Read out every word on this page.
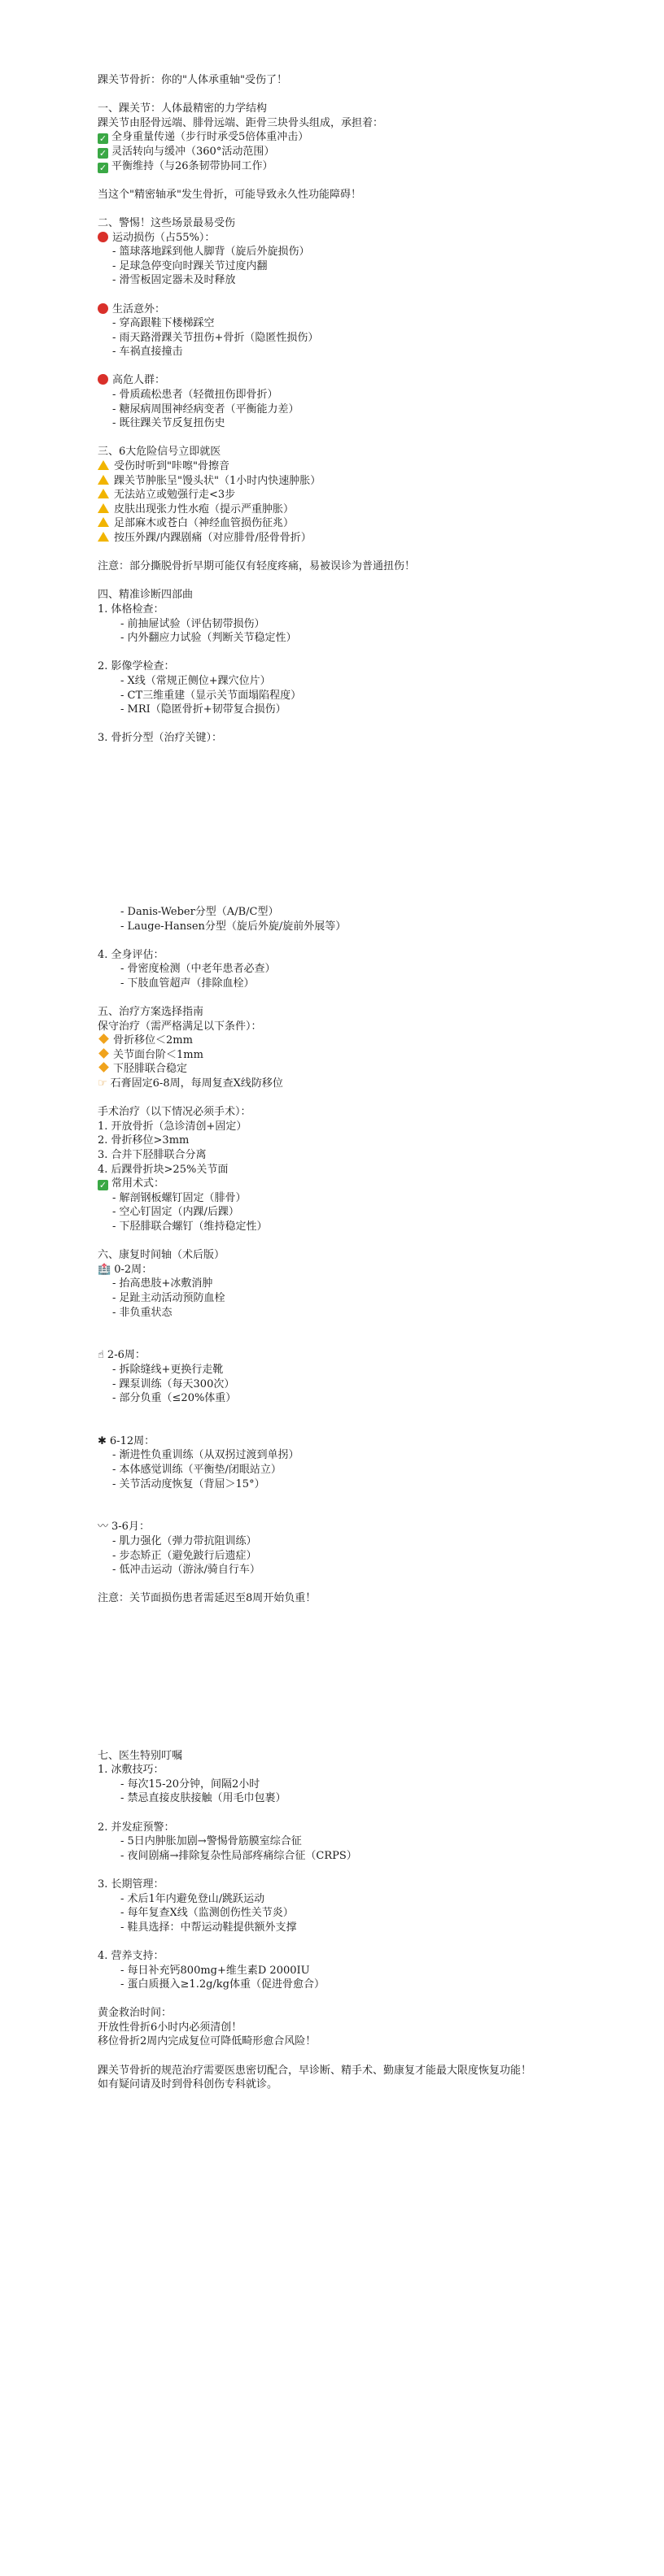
踝关节骨折：你的"人体承重轴"受伤了！
一、踝关节：人体最精密的力学结构
踝关节由胫骨远端、腓骨远端、距骨三块骨头组成，承担着：
✓ 全身重量传递（步行时承受5倍体重冲击）
✓ 灵活转向与缓冲（360°活动范围）
✓ 平衡维持（与26条韧带协同工作）
当这个"精密轴承"发生骨折，可能导致永久性功能障碍！
二、警惕！这些场景最易受伤
运动损伤（占55%）：
- 篮球落地踩到他人脚背（旋后外旋损伤）
- 足球急停变向时踝关节过度内翻
- 滑雪板固定器未及时释放
生活意外：
- 穿高跟鞋下楼梯踩空
- 雨天路滑踝关节扭伤+骨折（隐匿性损伤）
- 车祸直接撞击
高危人群：
- 骨质疏松患者（轻微扭伤即骨折）
- 糖尿病周围神经病变者（平衡能力差）
- 既往踝关节反复扭伤史
三、6大危险信号立即就医
受伤时听到"咔嚓"骨擦音
踝关节肿胀呈"馒头状"（1小时内快速肿胀）
无法站立或勉强行走<3步
皮肤出现张力性水疱（提示严重肿胀）
足部麻木或苍白（神经血管损伤征兆）
按压外踝/内踝剧痛（对应腓骨/胫骨骨折）
注意：部分撕脱骨折早期可能仅有轻度疼痛，易被误诊为普通扭伤！
四、精准诊断四部曲
1. 体格检查：
- 前抽屉试验（评估韧带损伤）
- 内外翻应力试验（判断关节稳定性）
2. 影像学检查：
- X线（常规正侧位+踝穴位片）
- CT三维重建（显示关节面塌陷程度）
- MRI（隐匿骨折+韧带复合损伤）
3. 骨折分型（治疗关键）：
- Danis-Weber分型（A/B/C型）
- Lauge-Hansen分型（旋后外旋/旋前外展等）
4. 全身评估：
- 骨密度检测（中老年患者必查）
- 下肢血管超声（排除血栓）
五、治疗方案选择指南
保守治疗（需严格满足以下条件）：
骨折移位＜2mm
关节面台阶＜1mm
下胫腓联合稳定
☞ 石膏固定6-8周，每周复查X线防移位
手术治疗（以下情况必须手术）：
1. 开放骨折（急诊清创+固定）
2. 骨折移位>3mm
3. 合并下胫腓联合分离
4. 后踝骨折块>25%关节面
✓ 常用术式：
- 解剖钢板螺钉固定（腓骨）
- 空心钉固定（内踝/后踝）
- 下胫腓联合螺钉（维持稳定性）
六、康复时间轴（术后版）
🏥 0-2周：
- 抬高患肢+冰敷消肿
- 足趾主动活动预防血栓
- 非负重状态
☝ 2-6周：
- 拆除缝线+更换行走靴
- 踝泵训练（每天300次）
- 部分负重（≤20%体重）
✱ 6-12周：
- 渐进性负重训练（从双拐过渡到单拐）
- 本体感觉训练（平衡垫/闭眼站立）
- 关节活动度恢复（背屈＞15°）
〰 3-6月：
- 肌力强化（弹力带抗阻训练）
- 步态矫正（避免跛行后遗症）
- 低冲击运动（游泳/骑自行车）
注意：关节面损伤患者需延迟至8周开始负重！
七、医生特别叮嘱
1. 冰敷技巧：
- 每次15-20分钟，间隔2小时
- 禁忌直接皮肤接触（用毛巾包裹）
2. 并发症预警：
- 5日内肿胀加剧→警惕骨筋膜室综合征
- 夜间剧痛→排除复杂性局部疼痛综合征（CRPS）
3. 长期管理：
- 术后1年内避免登山/跳跃运动
- 每年复查X线（监测创伤性关节炎）
- 鞋具选择：中帮运动鞋提供额外支撑
4. 营养支持：
- 每日补充钙800mg+维生素D 2000IU
- 蛋白质摄入≥1.2g/kg体重（促进骨愈合）
黄金救治时间：
开放性骨折6小时内必须清创！
移位骨折2周内完成复位可降低畸形愈合风险！
踝关节骨折的规范治疗需要医患密切配合，早诊断、精手术、勤康复才能最大限度恢复功能！
如有疑问请及时到骨科创伤专科就诊。
